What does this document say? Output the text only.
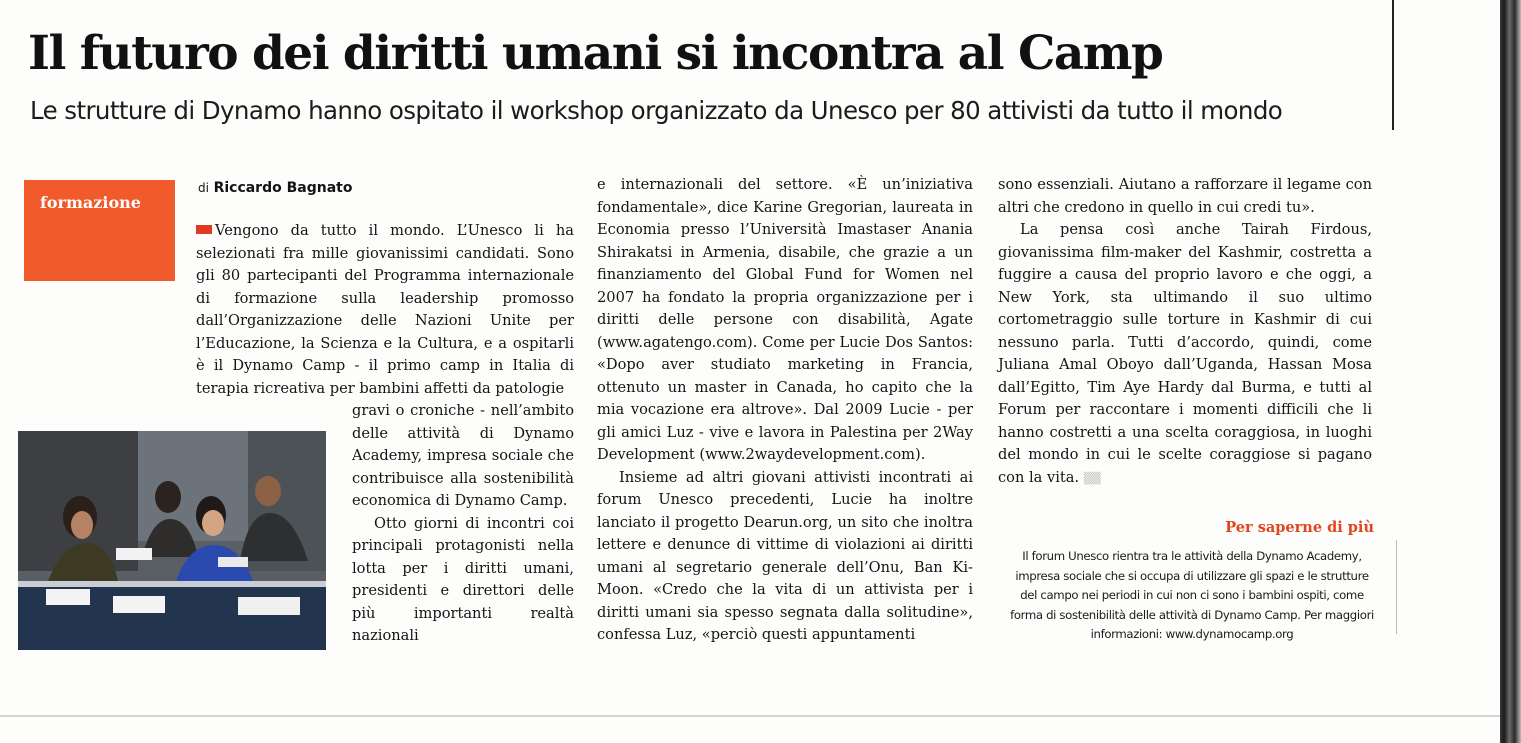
Il futuro dei diritti umani si incontra al Camp
Le strutture di Dynamo hanno ospitato il workshop organizzato da Unesco per 80 attivisti da tutto il mondo
formazione
di Riccardo Bagnato

Vengono da tutto il mondo. L’Unesco li ha selezionati fra mille giovanissimi candidati. Sono gli 80 partecipanti del Programma internazionale di formazione sulla leadership promosso dall’Organizzazione delle Nazioni Unite per l’Educazione, la Scienza e la Cultura, e a ospitarli è il Dynamo Camp - il primo camp in Italia di terapia ricreativa per bambini affetti da patologie

gravi o croniche - nell’ambito delle attività di Dynamo Academy, impresa sociale che contribuisce alla sostenibilità economica di Dynamo Camp.

Otto giorni di incontri coi principali protagonisti nella lotta per i diritti umani, presidenti e direttori delle più importanti realtà nazionali

e internazionali del settore. «È un’iniziativa fondamentale», dice Karine Gregorian, laureata in Economia presso l’Università Imastaser Anania Shirakatsi in Armenia, disabile, che grazie a un finanziamento del Global Fund for Women nel 2007 ha fondato la propria organizzazione per i diritti delle persone con disabilità, Agate (www.agatengo.com). Come per Lucie Dos Santos: «Dopo aver studiato marketing in Francia, ottenuto un master in Canada, ho capito che la mia vocazione era altrove». Dal 2009 Lucie - per gli amici Luz - vive e lavora in Palestina per 2Way Development (www.2waydevelopment.com).

Insieme ad altri giovani attivisti incontrati ai forum Unesco precedenti, Lucie ha inoltre lanciato il progetto Dearun.org, un sito che inoltra lettere e denunce di vittime di violazioni ai diritti umani al segretario generale dell’Onu, Ban Ki-Moon. «Credo che la vita di un attivista per i diritti umani sia spesso segnata dalla solitudine», confessa Luz, «perciò questi appuntamenti

sono essenziali. Aiutano a rafforzare il legame con altri che credono in quello in cui credi tu».

La pensa così anche Tairah Firdous, giovanissima film-maker del Kashmir, costretta a fuggire a causa del proprio lavoro e che oggi, a New York, sta ultimando il suo ultimo cortometraggio sulle torture in Kashmir di cui nessuno parla. Tutti d’accordo, quindi, come Juliana Amal Oboyo dall’Uganda, Hassan Mosa dall’Egitto, Tim Aye Hardy dal Burma, e tutti al Forum per raccontare i momenti difficili che li hanno costretti a una scelta coraggiosa, in luoghi del mondo in cui le scelte coraggiose si pagano con la vita. ▒▒

Per saperne di più
Il forum Unesco rientra tra le attività della Dynamo Academy, impresa sociale che si occupa di utilizzare gli spazi e le strutture del campo nei periodi in cui non ci sono i bambini ospiti, come forma di sostenibilità delle attività di Dynamo Camp. Per maggiori informazioni: www.dynamocamp.org
